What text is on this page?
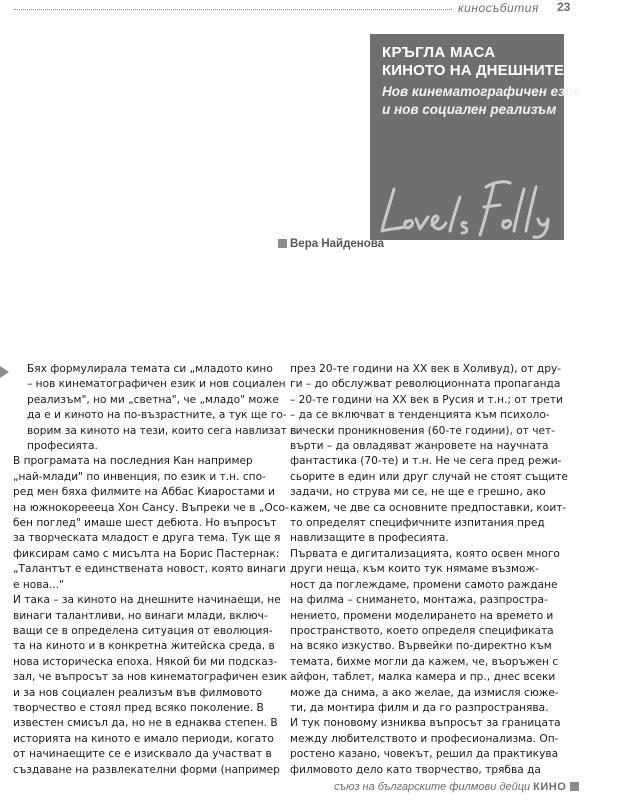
киносъбития 23
КРЪГЛА МАСА
КИНОТО НА ДНЕШНИТЕ МЛАДИ
Нов кинематографичен език
и нов социален реализъм
Вера Найденова

Бях формулирала темата си „младото кино
– нов кинематографичен език и нов социален
реализъм", но ми „светна", че „младо" може
да е и киното на по-възрастните, а тук ще го-
ворим за киното на тези, които сега навлизат в
професията.

В програмата на последния Кан например
„най-млади" по инвенция, по език и т.н. спо-
ред мен бяха филмите на Аббас Киаростами и
на южнокореееца Хон Сансу. Въпреки че в „Осо-
бен поглед" имаше шест дебюта. Но въпросът
за творческата младост е друга тема. Тук ще я
фиксирам само с мисълта на Борис Пастернак:
„Талантът е единствената новост, която винаги
е нова..."

И така – за киното на днешните начинаещи, не
винаги талантливи, но винаги млади, включ-
ващи се в определена ситуация от еволюция-
та на киното и в конкретна житейска среда, в
нова историческа епоха. Някой би ми подсказ-
зал, че въпросът за нов кинематографичен език
и за нов социален реализъм във филмовото
творчество е стоял пред всяко поколение. В
известен смисъл да, но не в еднаква степен. В
историята на киното е имало периоди, когато
от начинаещите се е изисквало да участват в
създаване на развлекателни форми (например

през 20-те години на XX век в Холивуд), от дру-
ги – до обслужват революционната пропаганда
– 20-те години на XX век в Русия и т.н.; от трети
– да се включват в тенденцията към психоло-
гически проникновения (60-те години), от чет-
върти – да овладяват жанровете на научната
фантастика (70-те) и т.н. Не че сега пред режи-
сьорите в един или друг случай не стоят същите
задачи, но струва ми се, не ще е грешно, ако
кажем, че две са основните предпоставки, коит-
то определят специфичните изпитания пред
навлизащите в професията.

Първата е дигитализацията, която освен много
други неща, към които тук нямаме възмож-
ност да поглеждаме, промени самото раждане
на филма – снимането, монтажа, разпростра-
нението, промени моделирането на времето и
пространството, което определя спецификата
на всяко изкуство. Вървейки по-директно към
темата, бихме могли да кажем, че, въоръжен с
айфон, таблет, малка камера и пр., днес всеки
може да снима, а ако желае, да измисля сюже-
ти, да монтира филм и да го разпространява.

И тук поновому изниква въпросът за границата
между любителството и професионализма. Оп-
ростено казано, човекът, решил да практикува
филмовото дело като творчество, трябва да

съюз на българските филмови дейци КИНО
